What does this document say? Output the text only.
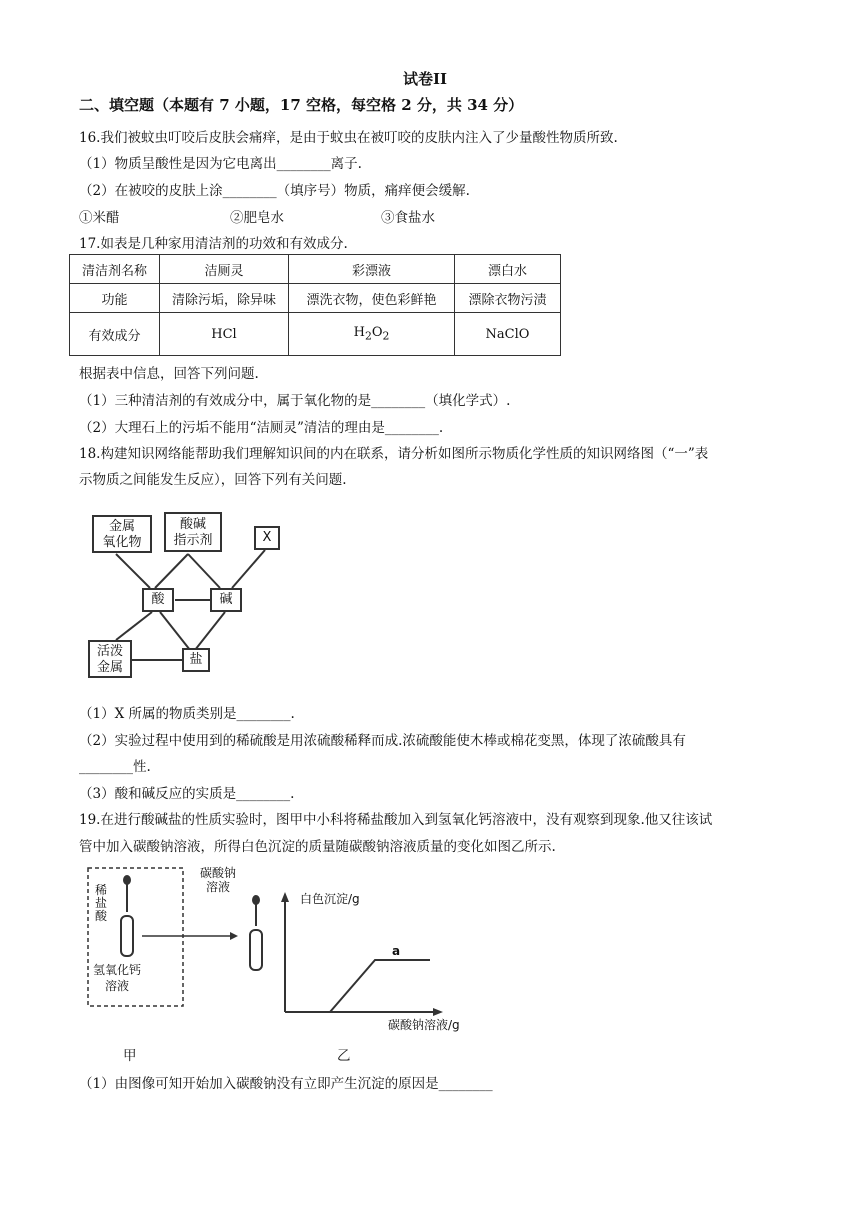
试卷II
二、填空题（本题有 7 小题，17 空格，每空格 2 分，共 34 分）
16.我们被蚊虫叮咬后皮肤会痛痒，是由于蚊虫在被叮咬的皮肤内注入了少量酸性物质所致.
（1）物质呈酸性是因为它电离出________离子.
（2）在被咬的皮肤上涂________（填序号）物质，痛痒便会缓解.
①米醋	②肥皂水	③食盐水
17.如表是几种家用清洁剂的功效和有效成分.
清洁剂名称	洁厕灵	彩漂液	漂白水
功能	清除污垢，除异味	漂洗衣物，使色彩鲜艳	漂除衣物污渍
有效成分	HCl	$H_2O_2$	NaClO
根据表中信息，回答下列问题.
（1）三种清洁剂的有效成分中，属于氧化物的是________（填化学式）.
（2）大理石上的污垢不能用“洁厕灵”清洁的理由是________.
18.构建知识网络能帮助我们理解知识间的内在联系，请分析如图所示物质化学性质的知识网络图（“一”表
示物质之间能发生反应），回答下列有关问题.
金属
氧化物
酸碱
指示剂	X
酸	碱
活泼
金属
盐
（1）X 所属的物质类别是________.
（2）实验过程中使用到的稀硫酸是用浓硫酸稀释而成.浓硫酸能使木棒或棉花变黑，体现了浓硫酸具有
________性.
（3）酸和碱反应的实质是________.
19.在进行酸碱盐的性质实验时，图甲中小科将稀盐酸加入到氢氧化钙溶液中，没有观察到现象.他又往该试
管中加入碳酸钠溶液，所得白色沉淀的质量随碳酸钠溶液质量的变化如图乙所示.
稀
盐
酸
氢氧化钙
溶液
碳酸钠
溶液
白色沉淀/g
a
碳酸钠溶液/g
甲	乙
（1）由图像可知开始加入碳酸钠没有立即产生沉淀的原因是________
